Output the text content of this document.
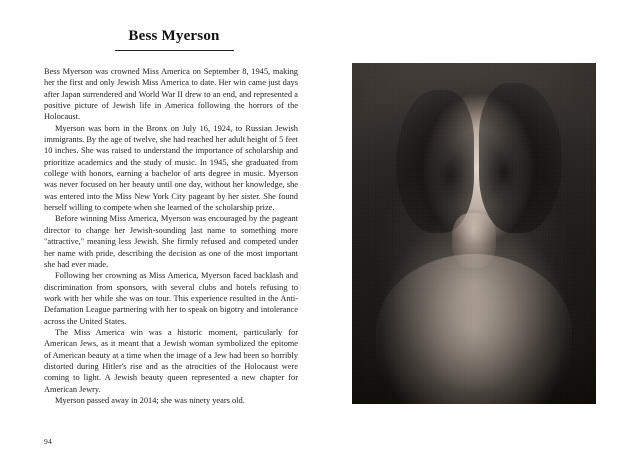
Bess Myerson

Bess Myerson was crowned Miss America on September 8, 1945, making her the first and only Jewish Miss America to date. Her win came just days after Japan surrendered and World War II drew to an end, and represented a positive picture of Jewish life in America following the horrors of the Holocaust.

Myerson was born in the Bronx on July 16, 1924, to Russian Jewish immigrants. By the age of twelve, she had reached her adult height of 5 feet 10 inches. She was raised to understand the importance of scholarship and prioritize academics and the study of music. In 1945, she graduated from college with honors, earning a bachelor of arts degree in music. Myerson was never focused on her beauty until one day, without her knowledge, she was entered into the Miss New York City pageant by her sister. She found herself willing to compete when she learned of the scholarship prize.

Before winning Miss America, Myerson was encouraged by the pageant director to change her Jewish-sounding last name to something more "attractive," meaning less Jewish. She firmly refused and competed under her name with pride, describing the decision as one of the most important she had ever made.

Following her crowning as Miss America, Myerson faced backlash and discrimination from sponsors, with several clubs and hotels refusing to work with her while she was on tour. This experience resulted in the Anti-Defamation League partnering with her to speak on bigotry and intolerance across the United States.

The Miss America win was a historic moment, particularly for American Jews, as it meant that a Jewish woman symbolized the epitome of American beauty at a time when the image of a Jew had been so horribly distorted during Hitler's rise and as the atrocities of the Holocaust were coming to light. A Jewish beauty queen represented a new chapter for American Jewry.

Myerson passed away in 2014; she was ninety years old.

94
